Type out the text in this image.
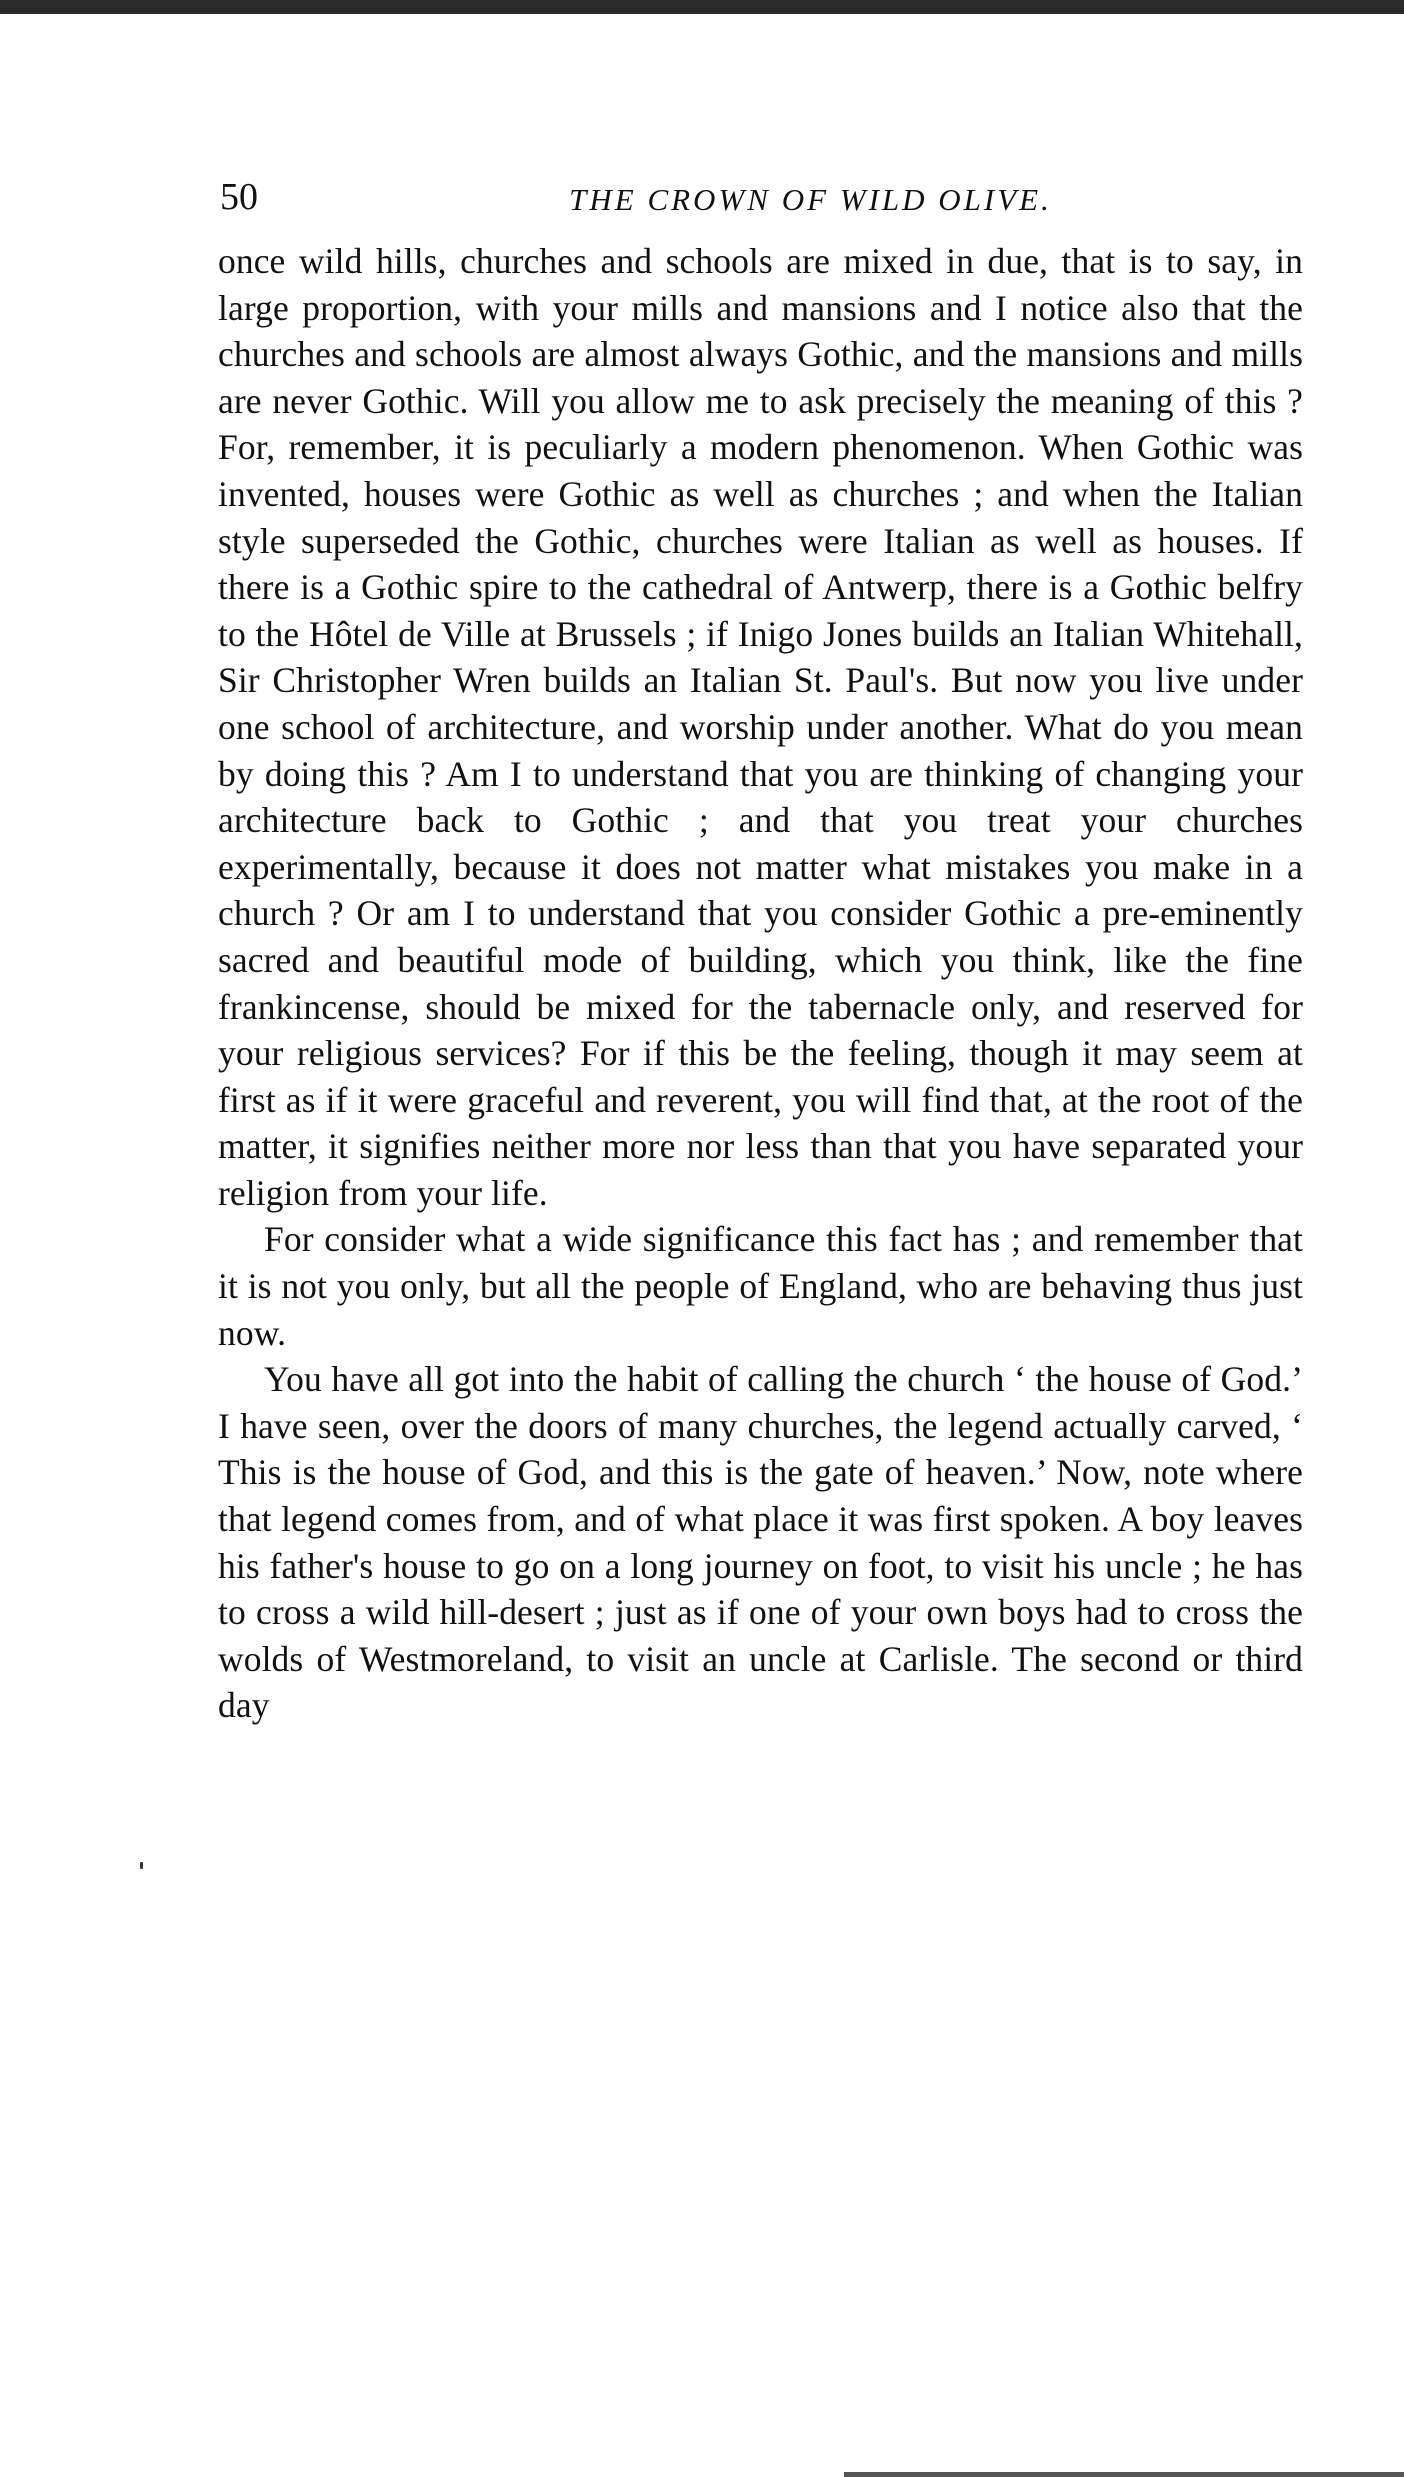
50	THE CROWN OF WILD OLIVE.

once wild hills, churches and schools are mixed in due, that is to say, in large proportion, with your mills and mansions and I notice also that the churches and schools are almost always Gothic, and the mansions and mills are never Gothic. Will you allow me to ask precisely the meaning of this ? For, remember, it is peculiarly a modern phenomenon. When Gothic was invented, houses were Gothic as well as churches ; and when the Italian style superseded the Gothic, churches were Italian as well as houses. If there is a Gothic spire to the cathedral of Antwerp, there is a Gothic belfry to the Hôtel de Ville at Brussels ; if Inigo Jones builds an Italian Whitehall, Sir Christopher Wren builds an Italian St. Paul's. But now you live under one school of architecture, and worship under another. What do you mean by doing this ? Am I to understand that you are thinking of changing your architecture back to Gothic ; and that you treat your churches experimentally, because it does not matter what mistakes you make in a church ? Or am I to understand that you consider Gothic a pre-eminently sacred and beautiful mode of building, which you think, like the fine frankincense, should be mixed for the tabernacle only, and reserved for your religious services? For if this be the feeling, though it may seem at first as if it were graceful and reverent, you will find that, at the root of the matter, it signifies neither more nor less than that you have separated your religion from your life.

For consider what a wide significance this fact has ; and remember that it is not you only, but all the people of England, who are behaving thus just now.

You have all got into the habit of calling the church ‘ the house of God.’ I have seen, over the doors of many churches, the legend actually carved, ‘ This is the house of God, and this is the gate of heaven.’ Now, note where that legend comes from, and of what place it was first spoken. A boy leaves his father's house to go on a long journey on foot, to visit his uncle ; he has to cross a wild hill-desert ; just as if one of your own boys had to cross the wolds of Westmoreland, to visit an uncle at Carlisle. The second or third day
